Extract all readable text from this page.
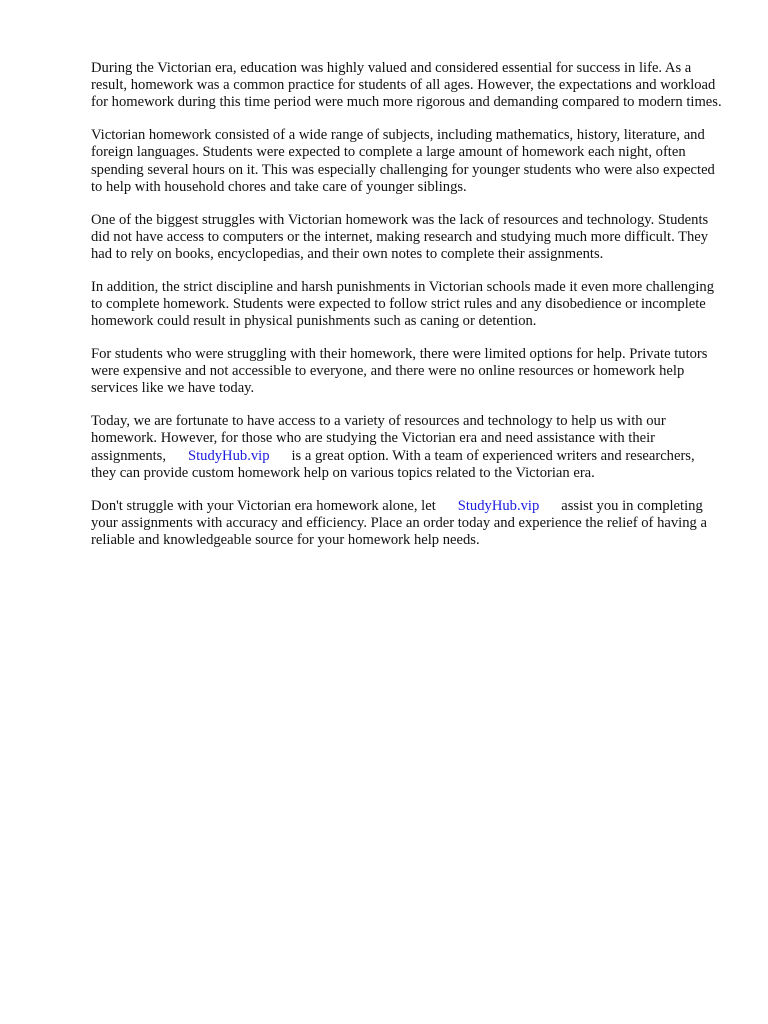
During the Victorian era, education was highly valued and considered essential for success in life. As a result, homework was a common practice for students of all ages. However, the expectations and workload for homework during this time period were much more rigorous and demanding compared to modern times.

Victorian homework consisted of a wide range of subjects, including mathematics, history, literature, and foreign languages. Students were expected to complete a large amount of homework each night, often spending several hours on it. This was especially challenging for younger students who were also expected to help with household chores and take care of younger siblings.

One of the biggest struggles with Victorian homework was the lack of resources and technology. Students did not have access to computers or the internet, making research and studying much more difficult. They had to rely on books, encyclopedias, and their own notes to complete their assignments.

In addition, the strict discipline and harsh punishments in Victorian schools made it even more challenging to complete homework. Students were expected to follow strict rules and any disobedience or incomplete homework could result in physical punishments such as caning or detention.

For students who were struggling with their homework, there were limited options for help. Private tutors were expensive and not accessible to everyone, and there were no online resources or homework help services like we have today.

Today, we are fortunate to have access to a variety of resources and technology to help us with our homework. However, for those who are studying the Victorian era and need assistance with their assignments, StudyHub.vip is a great option. With a team of experienced writers and researchers, they can provide custom homework help on various topics related to the Victorian era.

Don't struggle with your Victorian era homework alone, let StudyHub.vip assist you in completing your assignments with accuracy and efficiency. Place an order today and experience the relief of having a reliable and knowledgeable source for your homework help needs.
